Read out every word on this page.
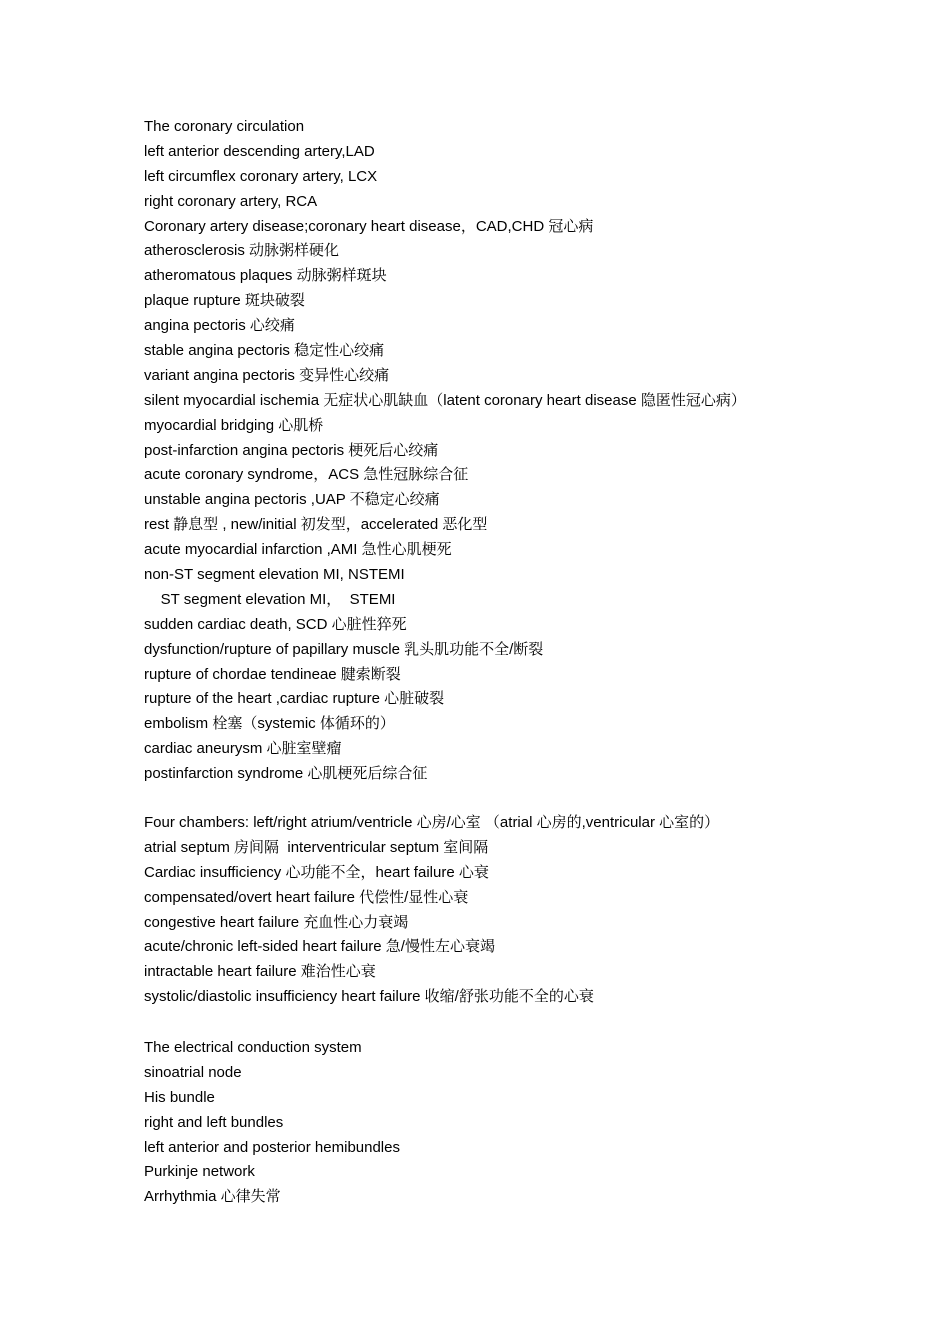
The coronary circulation
left anterior descending artery,LAD
left circumflex coronary artery, LCX
right coronary artery, RCA
Coronary artery disease;coronary heart disease，CAD,CHD 冠心病
atherosclerosis 动脉粥样硬化
atheromatous plaques 动脉粥样斑块
plaque rupture 斑块破裂
angina pectoris 心绞痛
stable angina pectoris 稳定性心绞痛
variant angina pectoris 变异性心绞痛
silent myocardial ischemia 无症状心肌缺血（latent coronary heart disease 隐匿性冠心病）
myocardial bridging 心肌桥
post-infarction angina pectoris 梗死后心绞痛
acute coronary syndrome，ACS 急性冠脉综合征
unstable angina pectoris ,UAP 不稳定心绞痛
rest 静息型 , new/initial 初发型，accelerated 恶化型
acute myocardial infarction ,AMI 急性心肌梗死
non-ST segment elevation MI, NSTEMI
ST segment elevation MI，  STEMI
sudden cardiac death, SCD 心脏性猝死
dysfunction/rupture of papillary muscle 乳头肌功能不全/断裂
rupture of chordae tendineae 腱索断裂
rupture of the heart ,cardiac rupture 心脏破裂
embolism 栓塞（systemic 体循环的）
cardiac aneurysm 心脏室壁瘤
postinfarction syndrome 心肌梗死后综合征
Four chambers: left/right atrium/ventricle 心房/心室 （atrial 心房的,ventricular 心室的）
atrial septum 房间隔  interventricular septum 室间隔
Cardiac insufficiency 心功能不全，heart failure 心衰
compensated/overt heart failure 代偿性/显性心衰
congestive heart failure 充血性心力衰竭
acute/chronic left-sided heart failure 急/慢性左心衰竭
intractable heart failure 难治性心衰
systolic/diastolic insufficiency heart failure 收缩/舒张功能不全的心衰
The electrical conduction system
sinoatrial node
His bundle
right and left bundles
left anterior and posterior hemibundles
Purkinje network
Arrhythmia 心律失常
